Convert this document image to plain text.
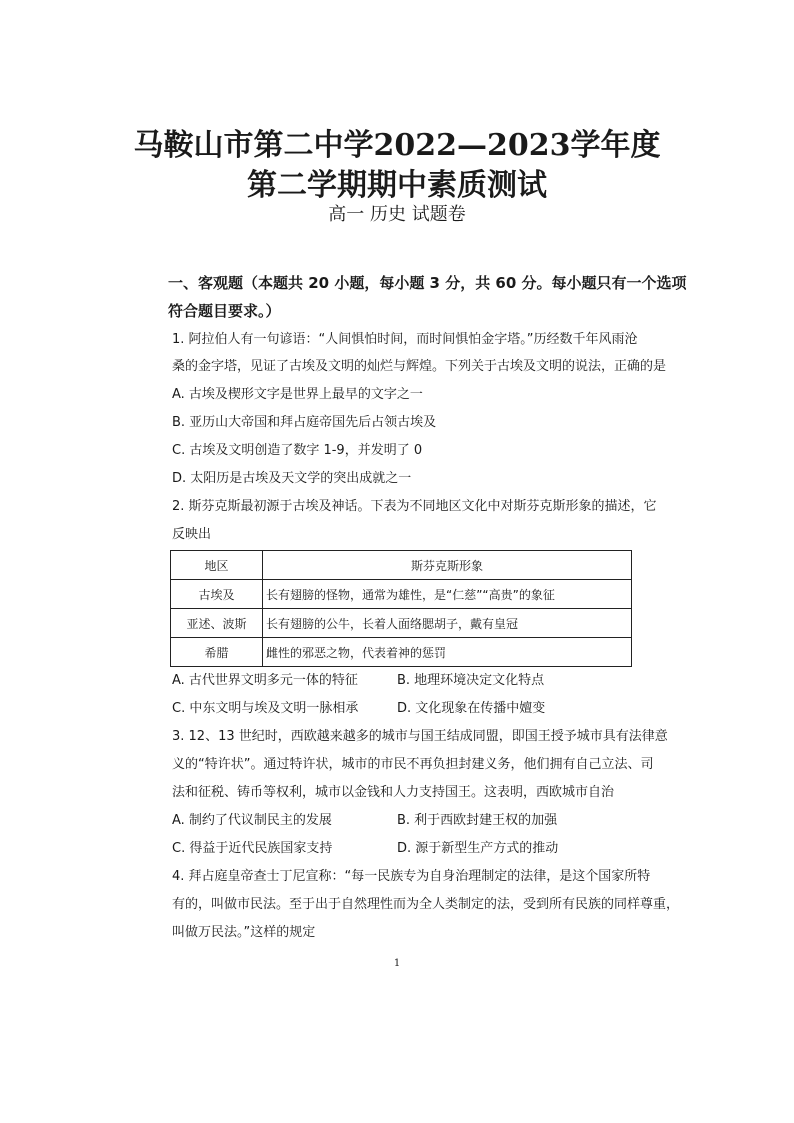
马鞍山市第二中学2022—2023学年度
第二学期期中素质测试
高一 历史 试题卷
一、客观题（本题共 20 小题，每小题 3 分，共 60 分。每小题只有一个选项
符合题目要求。）
1. 阿拉伯人有一句谚语：“人间惧怕时间，而时间惧怕金字塔。”历经数千年风雨沧
桑的金字塔，见证了古埃及文明的灿烂与辉煌。下列关于古埃及文明的说法，正确的是
A. 古埃及楔形文字是世界上最早的文字之一
B. 亚历山大帝国和拜占庭帝国先后占领古埃及
C. 古埃及文明创造了数字 1-9，并发明了 0
D. 太阳历是古埃及天文学的突出成就之一
2. 斯芬克斯最初源于古埃及神话。下表为不同地区文化中对斯芬克斯形象的描述，它
反映出
地区	斯芬克斯形象
古埃及	长有翅膀的怪物，通常为雄性，是“仁慈”“高贵”的象征
亚述、波斯	长有翅膀的公牛，长着人面络腮胡子，戴有皇冠
希腊	雌性的邪恶之物，代表着神的惩罚
A. 古代世界文明多元一体的特征	B. 地理环境决定文化特点
C. 中东文明与埃及文明一脉相承	D. 文化现象在传播中嬗变
3. 12、13 世纪时，西欧越来越多的城市与国王结成同盟，即国王授予城市具有法律意
义的“特许状”。通过特许状，城市的市民不再负担封建义务，他们拥有自己立法、司
法和征税、铸币等权利，城市以金钱和人力支持国王。这表明，西欧城市自治
A. 制约了代议制民主的发展	B. 利于西欧封建王权的加强
C. 得益于近代民族国家支持	D. 源于新型生产方式的推动
4. 拜占庭皇帝查士丁尼宣称：“每一民族专为自身治理制定的法律，是这个国家所特
有的，叫做市民法。至于出于自然理性而为全人类制定的法，受到所有民族的同样尊重，
叫做万民法。”这样的规定
1
